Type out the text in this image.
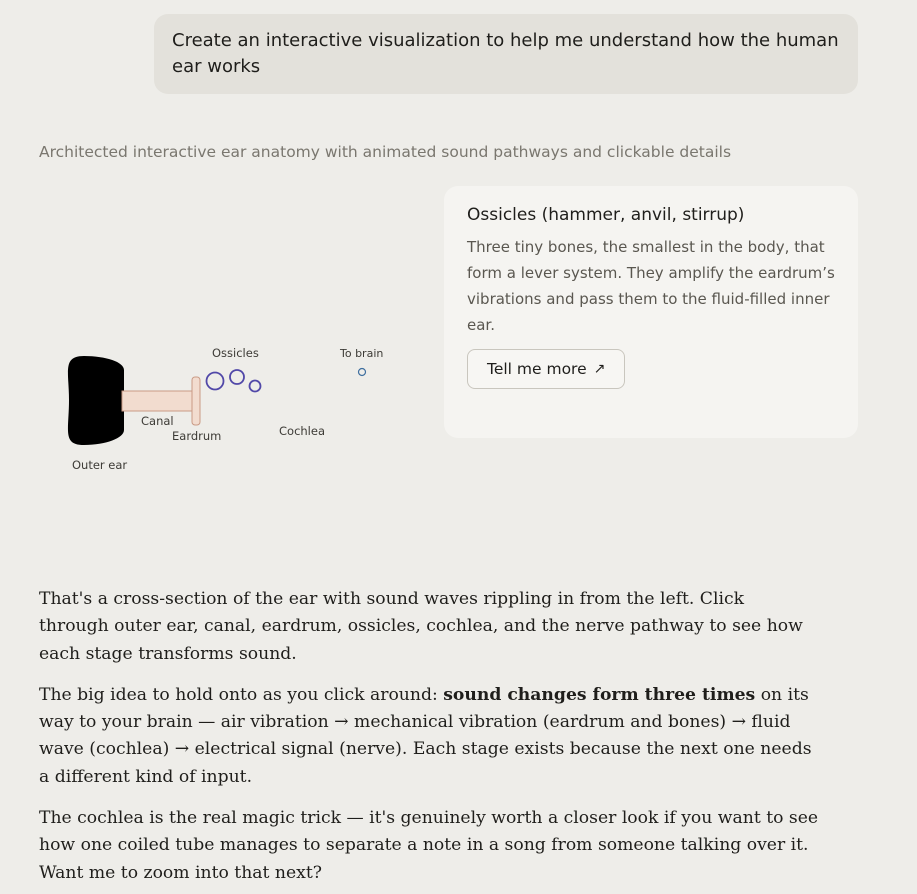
Create an interactive visualization to help me understand how the human ear works
Architected interactive ear anatomy with animated sound pathways and clickable details
Ossicles	To brain
Canal
Eardrum	Cochlea
Outer ear
Ossicles (hammer, anvil, stirrup)
Three tiny bones, the smallest in the body, that form a lever system. They amplify the eardrum’s vibrations and pass them to the fluid-filled inner ear.
Tell me more ↗

That's a cross-section of the ear with sound waves rippling in from the left. Click through outer ear, canal, eardrum, ossicles, cochlea, and the nerve pathway to see how each stage transforms sound.

The big idea to hold onto as you click around: sound changes form three times on its way to your brain — air vibration → mechanical vibration (eardrum and bones) → fluid wave (cochlea) → electrical signal (nerve). Each stage exists because the next one needs a different kind of input.

The cochlea is the real magic trick — it's genuinely worth a closer look if you want to see how one coiled tube manages to separate a note in a song from someone talking over it. Want me to zoom into that next?
